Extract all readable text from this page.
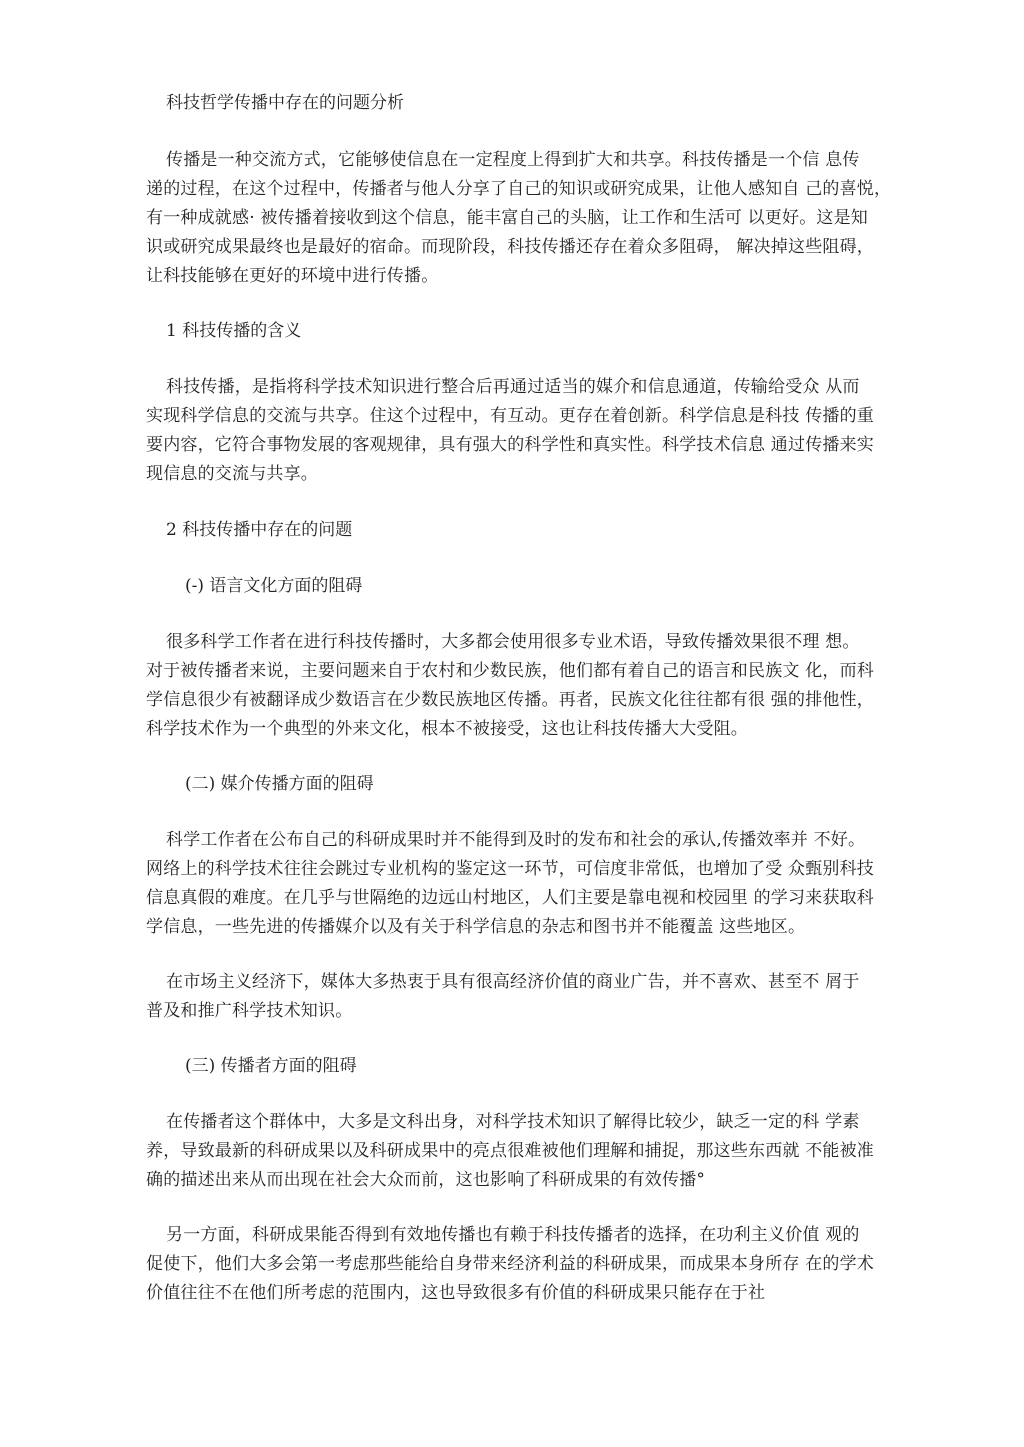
科技哲学传播中存在的问题分析
传播是一种交流方式，它能够使信息在一定程度上得到扩大和共享。科技传播是一个信 息传
递的过程，在这个过程中，传播者与他人分享了自己的知识或研究成果，让他人感知自 己的喜悦，
有一种成就感· 被传播着接收到这个信息，能丰富自己的头脑，让工作和生活可 以更好。这是知
识或研究成果最终也是最好的宿命。而现阶段，科技传播还存在着众多阻碍， 解决掉这些阻碍，
让科技能够在更好的环境中进行传播。
1 科技传播的含义
科技传播，是指将科学技术知识进行整合后再通过适当的媒介和信息通道，传输给受众 从而
实现科学信息的交流与共享。住这个过程中，有互动。更存在着创新。科学信息是科技 传播的重
要内容，它符合事物发展的客观规律，具有强大的科学性和真实性。科学技术信息 通过传播来实
现信息的交流与共享。
2 科技传播中存在的问题
(-) 语言文化方面的阻碍
很多科学工作者在进行科技传播时，大多都会使用很多专业术语，导致传播效果很不理 想。
对于被传播者来说，主要问题来自于农村和少数民族，他们都有着自己的语言和民族文 化，而科
学信息很少有被翻译成少数语言在少数民族地区传播。再者，民族文化往往都有很 强的排他性，
科学技术作为一个典型的外来文化，根本不被接受，这也让科技传播大大受阻。
(二) 媒介传播方面的阻碍
科学工作者在公布自己的科研成果时并不能得到及时的发布和社会的承认,传播效率并 不好。
网络上的科学技术往往会跳过专业机构的鉴定这一环节，可信度非常低，也增加了受 众甄别科技
信息真假的难度。在几乎与世隔绝的边远山村地区，人们主要是靠电视和校园里 的学习来获取科
学信息，一些先进的传播媒介以及有关于科学信息的杂志和图书并不能覆盖 这些地区。
在市场主义经济下，媒体大多热衷于具有很高经济价值的商业广告，并不喜欢、甚至不 屑于
普及和推广科学技术知识。
(三) 传播者方面的阻碍
在传播者这个群体中，大多是文科出身，对科学技术知识了解得比较少，缺乏一定的科 学素
养，导致最新的科研成果以及科研成果中的亮点很难被他们理解和捕捉，那这些东西就 不能被准
确的描述出来从而出现在社会大众而前，这也影响了科研成果的有效传播°
另一方面，科研成果能否得到有效地传播也有赖于科技传播者的选择，在功利主义价值 观的
促使下，他们大多会第一考虑那些能给自身带来经济利益的科研成果，而成果本身所存 在的学术
价值往往不在他们所考虑的范围内，这也导致很多有价值的科研成果只能存在于社
